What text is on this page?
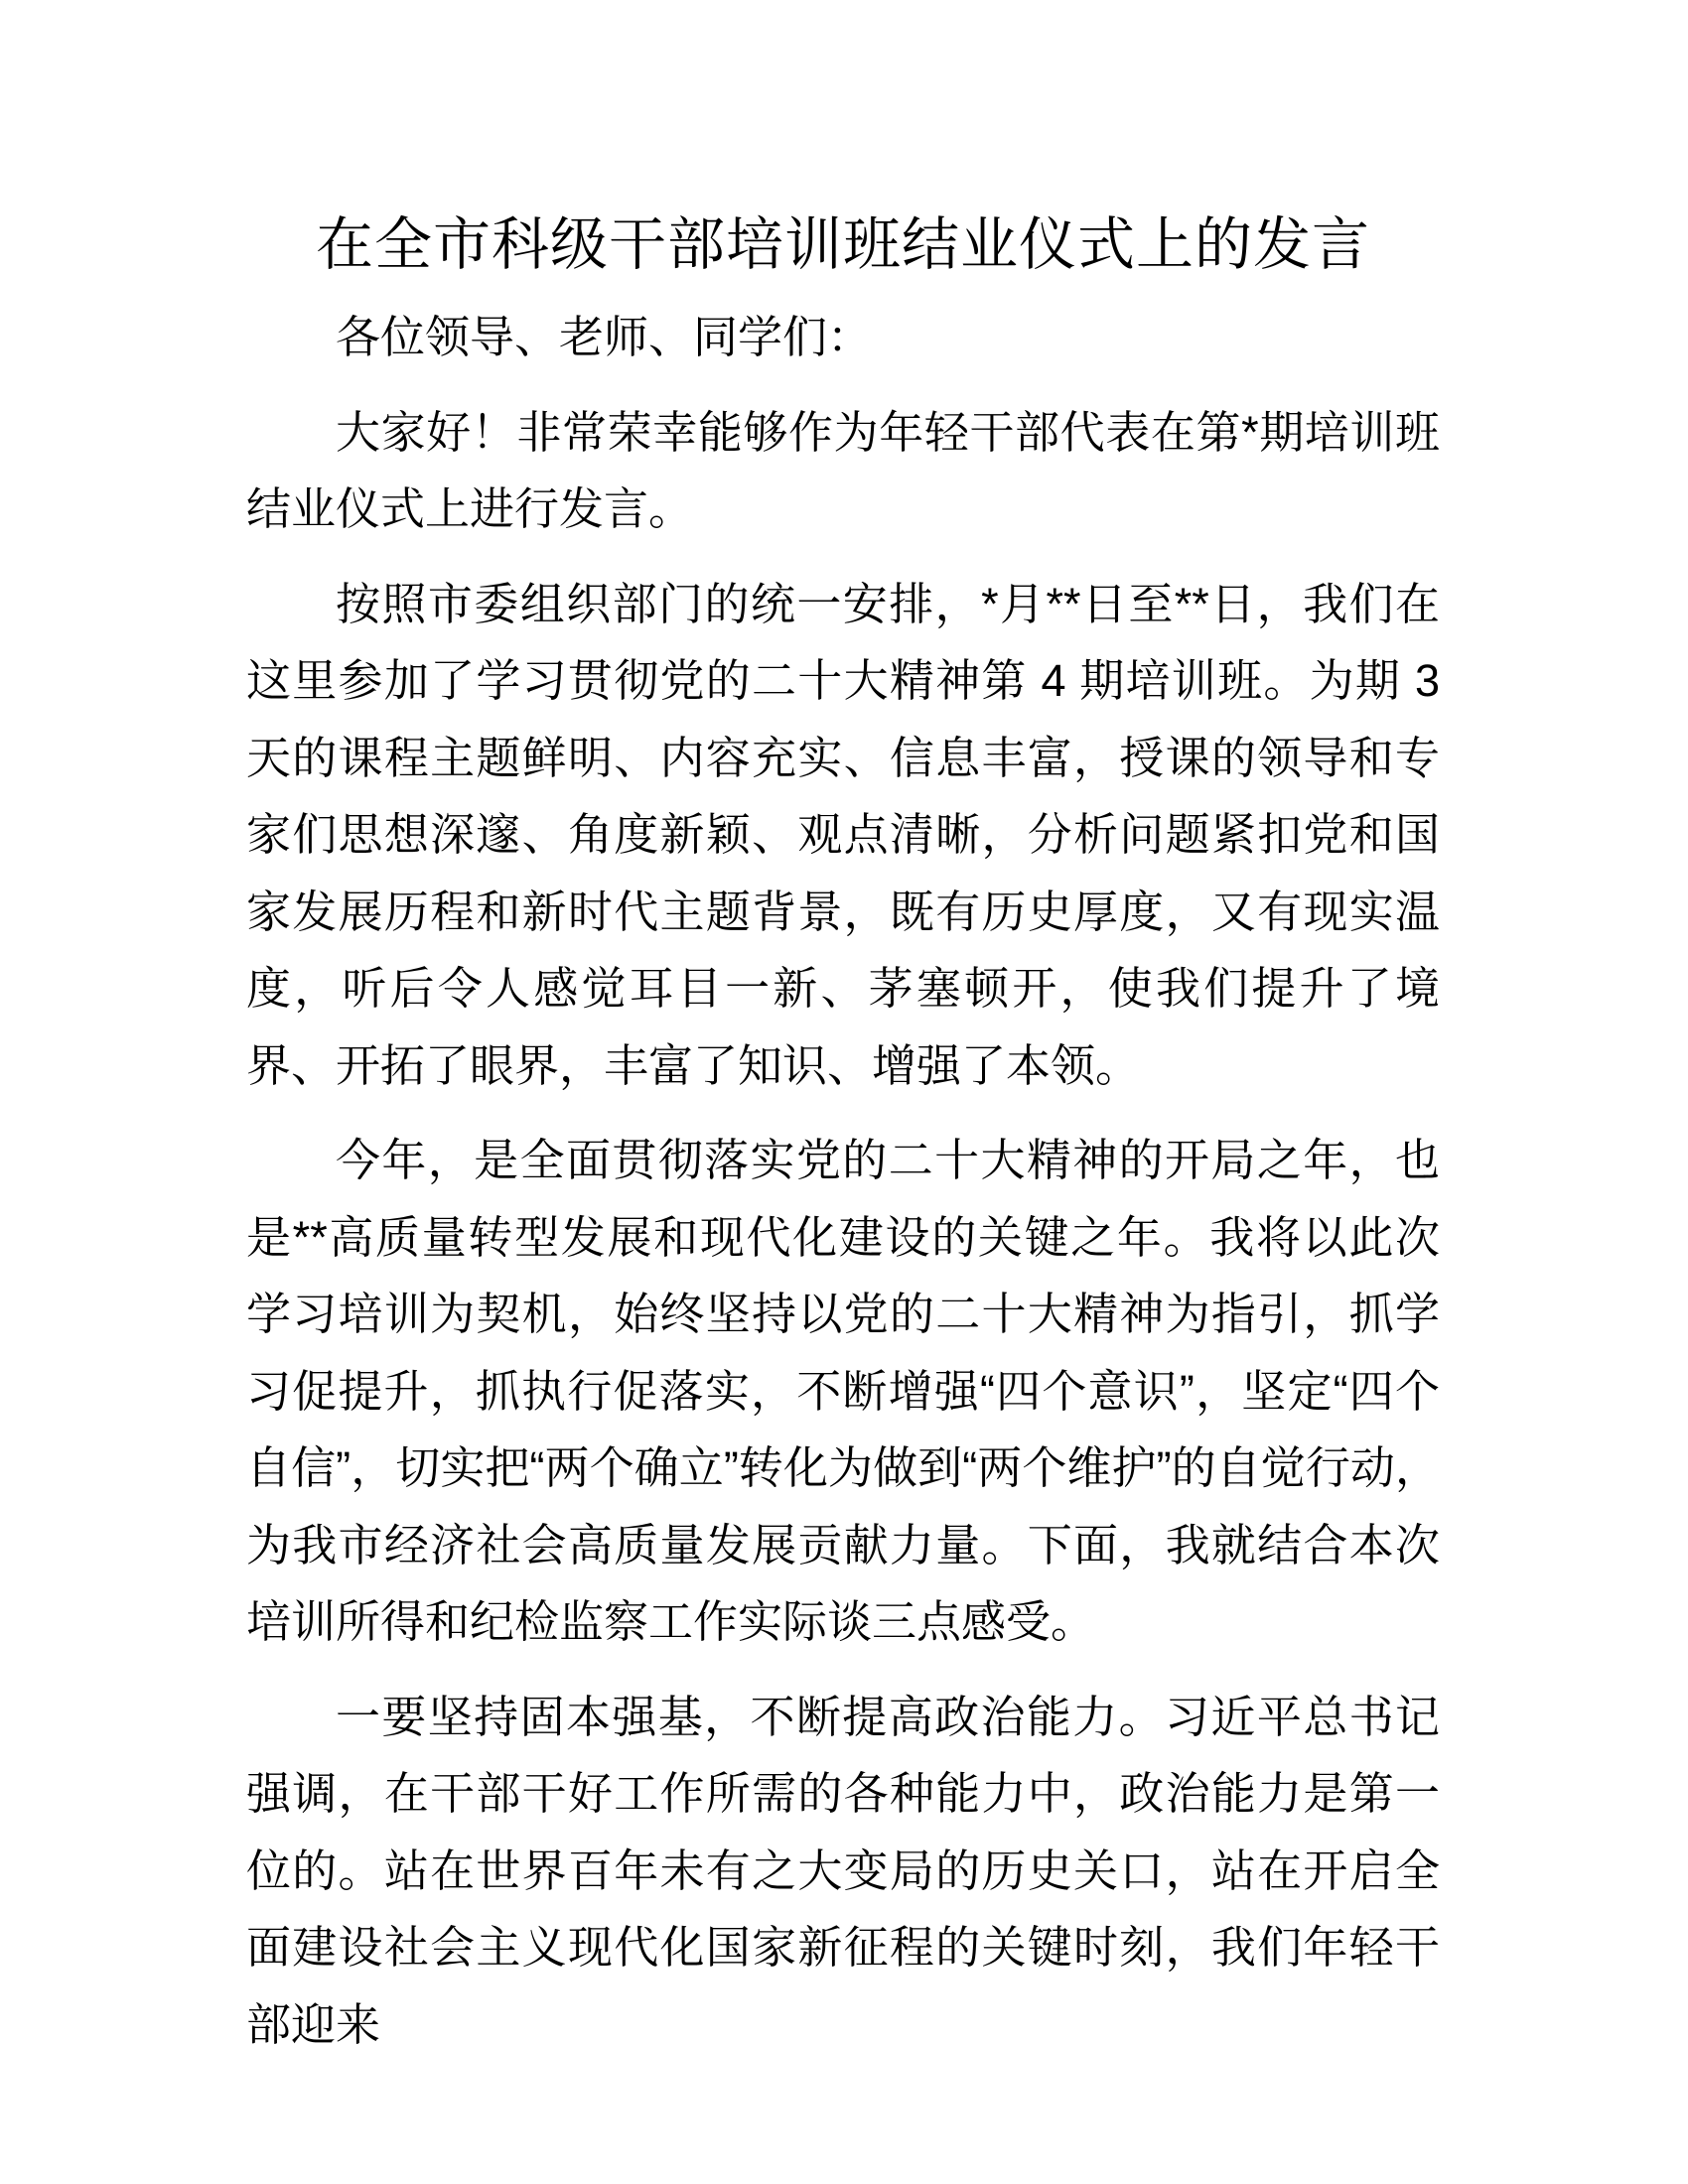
在全市科级干部培训班结业仪式上的发言

各位领导、老师、同学们：

大家好！非常荣幸能够作为年轻干部代表在第*期培训班结业仪式上进行发言。

按照市委组织部门的统一安排，*月**日至**日，我们在这里参加了学习贯彻党的二十大精神第 4 期培训班。为期 3 天的课程主题鲜明、内容充实、信息丰富，授课的领导和专家们思想深邃、角度新颖、观点清晰，分析问题紧扣党和国家发展历程和新时代主题背景，既有历史厚度，又有现实温度，听后令人感觉耳目一新、茅塞顿开，使我们提升了境界、开拓了眼界，丰富了知识、增强了本领。

今年，是全面贯彻落实党的二十大精神的开局之年，也是**高质量转型发展和现代化建设的关键之年。我将以此次学习培训为契机，始终坚持以党的二十大精神为指引，抓学习促提升，抓执行促落实，不断增强“四个意识”，坚定“四个自信”，切实把“两个确立”转化为做到“两个维护”的自觉行动，为我市经济社会高质量发展贡献力量。下面，我就结合本次培训所得和纪检监察工作实际谈三点感受。

一要坚持固本强基，不断提高政治能力。习近平总书记强调，在干部干好工作所需的各种能力中，政治能力是第一位的。站在世界百年未有之大变局的历史关口，站在开启全面建设社会主义现代化国家新征程的关键时刻，我们年轻干部迎来
